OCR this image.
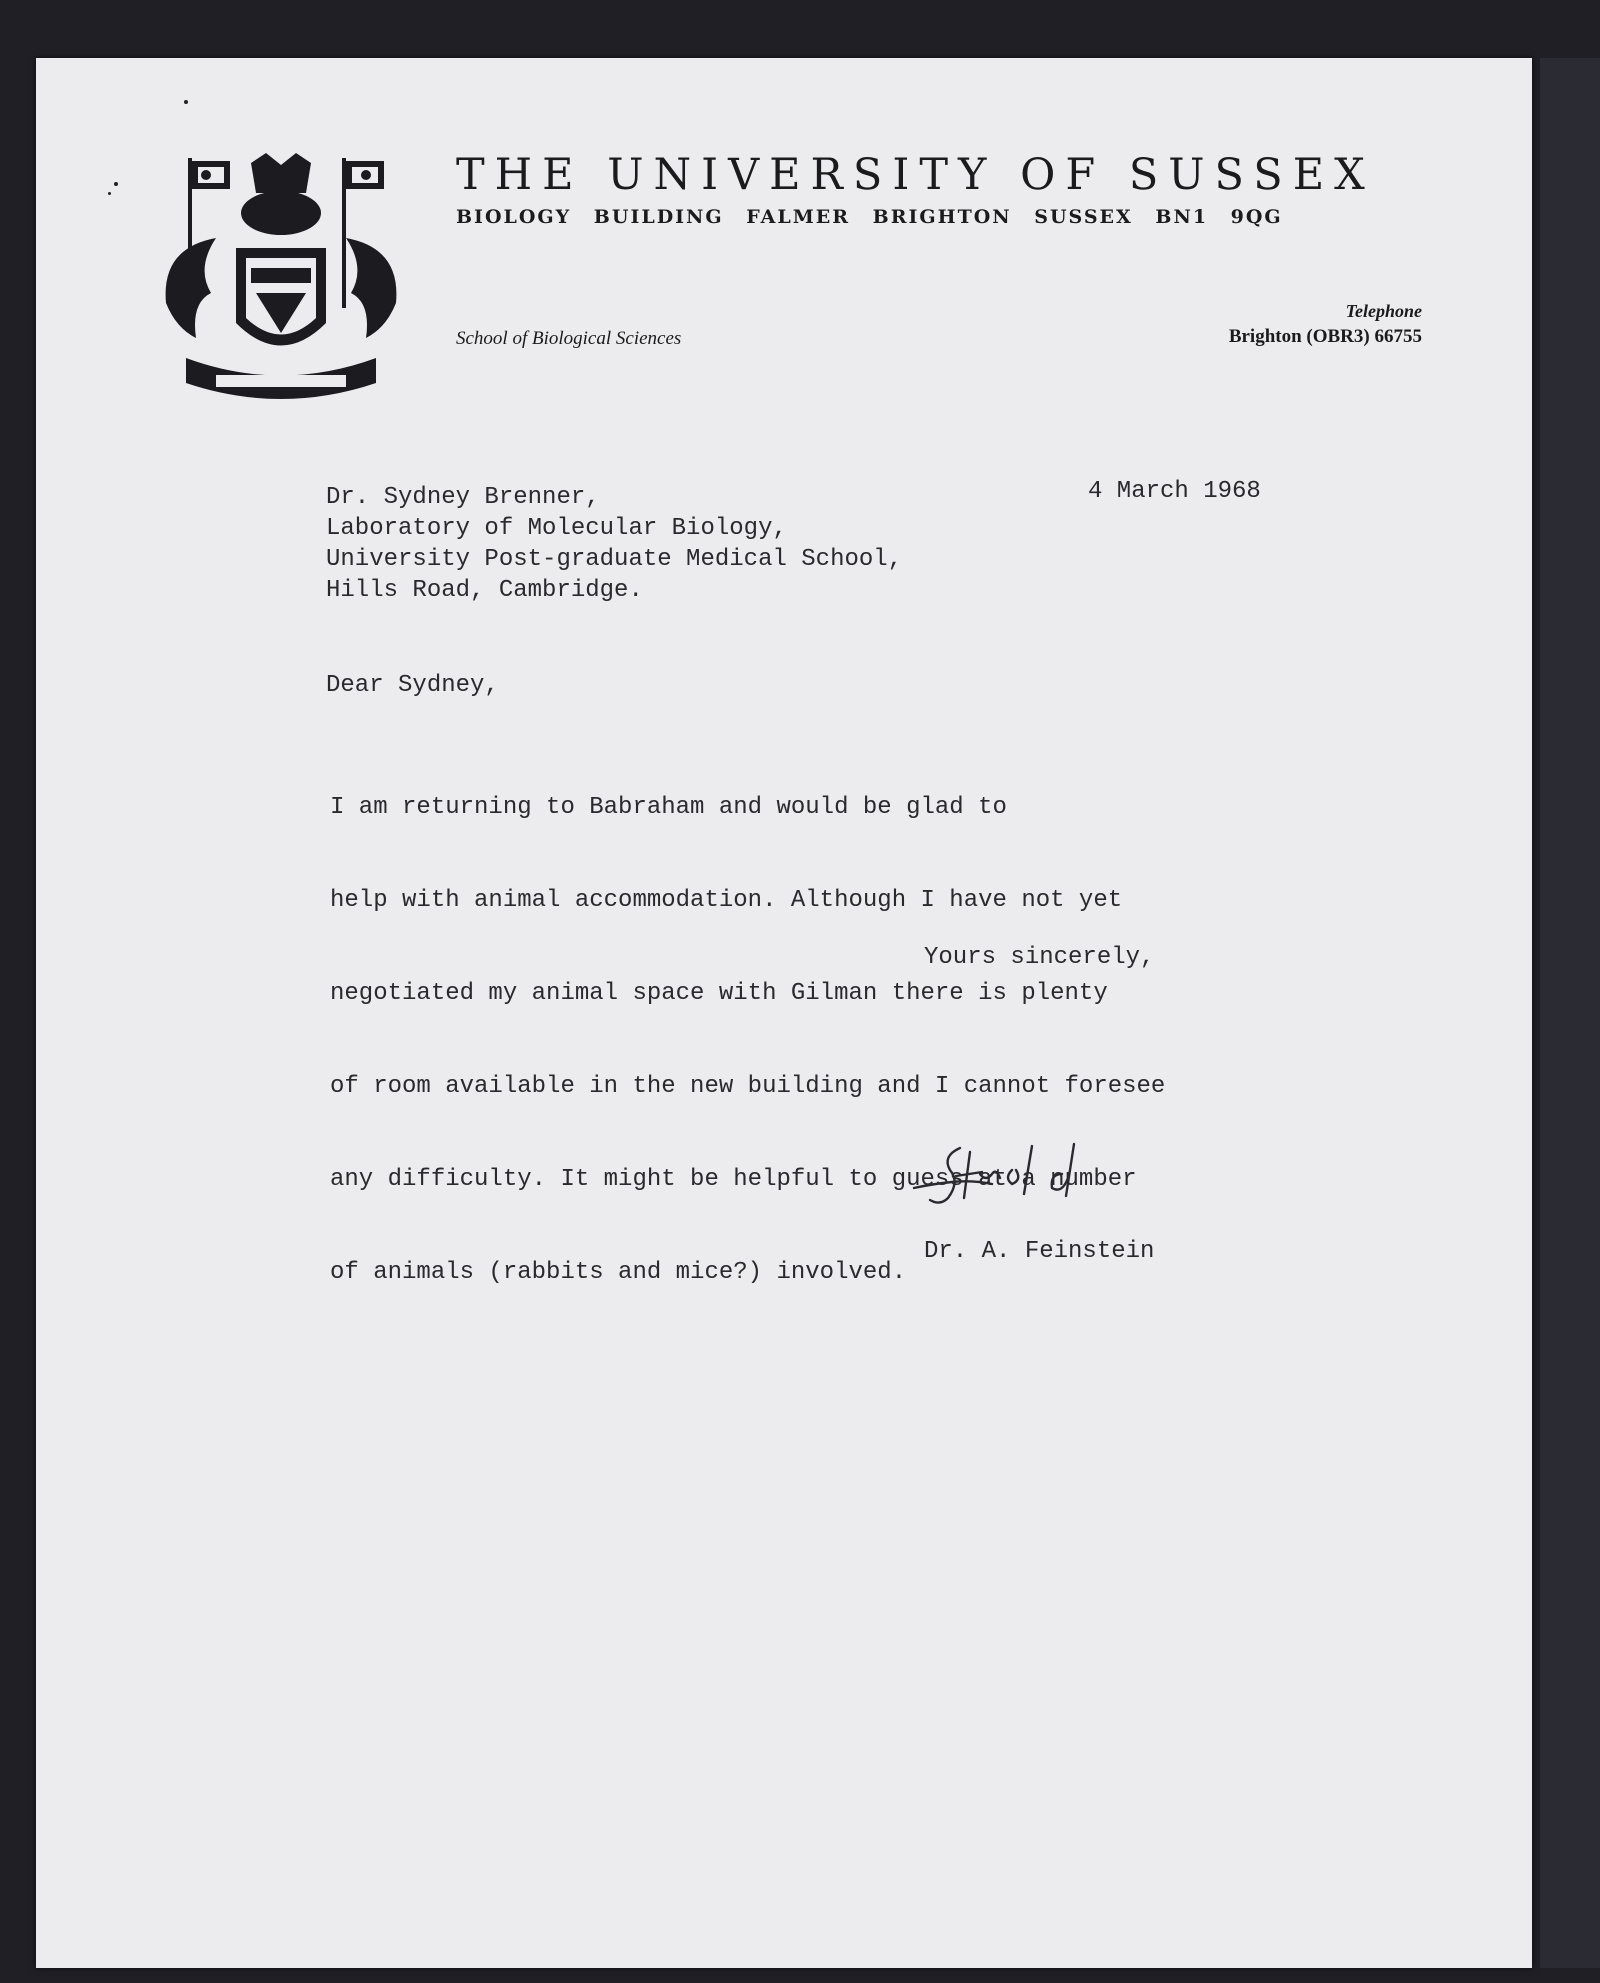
THE UNIVERSITY OF SUSSEX
BIOLOGY BUILDING FALMER BRIGHTON SUSSEX BN1 9QG
School of Biological Sciences
Telephone
Brighton (OBR3) 66755
4 March 1968
Dr. Sydney Brenner,
Laboratory of Molecular Biology,
University Post-graduate Medical School,
Hills Road, Cambridge.
Dear Sydney,

I am returning to Babraham and would be glad to

help with animal accommodation. Although I have not yet

negotiated my animal space with Gilman there is plenty

of room available in the new building and I cannot foresee

any difficulty. It might be helpful to guess at a number

of animals (rabbits and mice?) involved.

Yours sincerely,
Dr. A. Feinstein
